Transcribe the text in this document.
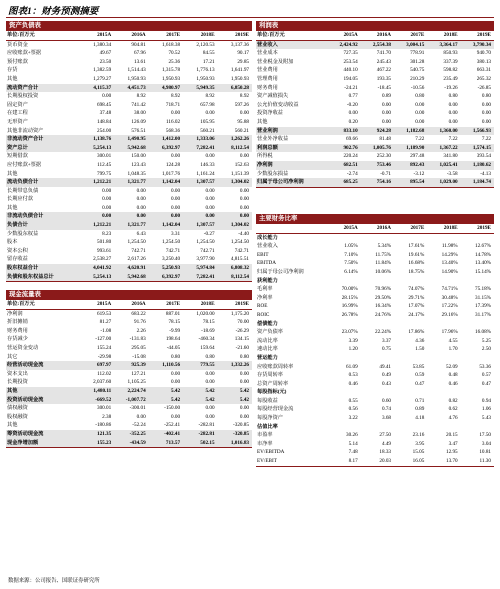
图表1：财务预测摘要
资产负债表
单位:百万元	2015A	2016A	2017E	2018E	2019E
货币资金	1,380.34	904.81	1,618.38	2,120.53	3,137.36
应收账款+票据	49.67	67.96	70.52	84.55	90.17
预付账款	23.50	13.61	25.36	17.21	29.85
存货	1,382.59	1,514.43	1,315.78	1,776.13	1,641.97
其他	1,279.27	1,950.93	1,950.93	1,950.93	1,950.93
流动资产合计	4,115.37	4,451.73	4,980.97	5,949.35	6,850.28
长期股权投资	0.00	8.92	8.92	8.92	8.92
固定资产	698.45	741.42	718.71	657.98	597.26
在建工程	37.48	38.00	0.00	0.00	0.00
无形资产	148.84	126.09	116.02	105.95	95.88
其他非流动资产	254.00	576.51	568.36	560.21	560.21
非流动资产合计	1,138.76	1,490.95	1,412.00	1,333.06	1,262.26
资产总计	5,254.13	5,942.68	6,392.97	7,282.41	8,112.54
短期借款	300.01	150.00	0.00	0.00	0.00
应付账款+票据	112.45	123.43	124.28	146.33	152.63
其他	799.75	1,048.35	1,017.76	1,161.24	1,151.39
流动负债合计	1,212.21	1,321.77	1,142.04	1,307.57	1,304.02
长期带息负债	0.00	0.00	0.00	0.00	0.00
长期应付款	0.00	0.00	0.00	0.00	0.00
其他	0.00	0.00	0.00	0.00	0.00
非流动负债合计	0.00	0.00	0.00	0.00	0.00
负债合计	1,212.21	1,321.77	1,142.04	1,307.57	1,304.02
少数股东权益	8.23	6.43	3.31	-0.27	-4.40
股本	501.80	1,254.50	1,254.50	1,254.50	1,254.50
资本公积	993.61	742.71	742.71	742.71	742.71
留存收益	2,538.27	2,617.26	3,250.40	3,977.90	4,815.51
股东权益合计	4,041.92	4,620.91	5,250.93	5,974.84	6,808.32
负债和股东权益总计	5,254.13	5,942.68	6,392.97	7,282.41	8,112.54
现金流量表
单位:百万元	2015A	2016A	2017E	2018E	2019E
净利润	619.53	683.22	887.01	1,020.00	1,175.20
折旧摊销	81.27	91.76	78.15	78.15	70.00
财务费用	-1.08	2.26	-9.99	-18.69	-26.29
存货减少	-127.00	-131.83	198.64	-460.34	134.15
营运资金变动	155.24	295.05	-44.05	159.64	-21.60
其它	-29.98	-15.08	0.80	0.80	0.80
经营活动现金流	697.97	925.39	1,110.56	779.55	1,332.26
资本支出	112.02	127.21	0.00	0.00	0.00
长期投资	2,037.60	1,105.25	0.00	0.00	0.00
其他	1,480.11	2,224.74	5.42	5.42	5.42
投资活动现金流	-669.52	-1,007.72	5.42	5.42	5.42
债权融资	300.01	-300.01	-150.00	0.00	0.00
股权融资	2.38	0.00	0.00	0.00	0.00
其他	-180.86	-52.24	-252.41	-282.81	-320.85
筹资活动现金流	121.35	-352.25	-402.41	-282.81	-320.85
现金净增加额	155.23	-434.59	713.57	502.15	1,016.83
利润表
单位:百万元	2015A	2016A	2017E	2018E	2019E
营业收入	2,424.92	2,554.38	3,004.15	3,364.17	3,790.34
营业成本	727.35	741.70	778.91	850.93	940.70
营业税金及附加	253.54	245.43	301.28	337.39	380.13
营业费用	440.10	467.22	540.75	598.82	663.31
管理费用	194.05	193.35	210.29	235.49	265.32
财务费用	-24.21	-18.45	-10.56	-19.26	-26.85
资产减值损失	0.77	0.89	0.80	0.80	0.80
公允价值变动收益	-0.20	0.00	0.00	0.00	0.00
投资净收益	0.00	0.00	0.00	0.00	0.00
其他	0.20	0.00	0.00	0.00	0.00
营业利润	833.10	924.28	1,182.68	1,360.00	1,566.93
营业外净收益	69.66	81.48	7.22	7.22	7.22
利润总额	902.76	1,005.76	1,189.90	1,367.22	1,574.15
所得税	220.24	252.30	297.48	341.80	393.54
净利润	682.51	753.46	892.43	1,025.41	1,180.62
少数股东损益	-2.74	-0.71	-3.12	-3.58	-4.13
归属于母公司净利润	685.25	754.16	895.54	1,029.00	1,184.74
主要财务比率
	2015A	2016A	2017E	2018E	2019E
成长能力					
营业收入	1.05%	5.34%	17.61%	11.98%	12.67%
EBIT	7.10%	11.75%	19.61%	14.29%	14.78%
EBITDA	7.50%	11.84%	16.68%	13.40%	13.40%
归属于母公司净利润	6.14%	10.06%	18.75%	14.90%	15.14%
获利能力					
毛利率	70.00%	70.96%	74.07%	74.71%	75.18%
净利率	28.15%	29.50%	29.71%	30.48%	31.15%
ROE	16.99%	16.34%	17.07%	17.22%	17.39%
ROIC	26.78%	24.76%	24.17%	29.16%	31.17%
偿债能力					
资产负债率	23.07%	22.24%	17.86%	17.96%	16.08%
流动比率	3.39	3.37	4.36	4.55	5.25
速动比率	1.20	0.75	1.50	1.70	2.50
营运能力					
应收账款周转率	61.09	49.41	53.85	52.09	53.36
存货周转率	0.53	0.49	0.59	0.48	0.57
总资产周转率	0.46	0.43	0.47	0.46	0.47
每股指标(元)					
每股收益	0.55	0.60	0.71	0.82	0.94
每股经营现金流	0.56	0.74	0.89	0.62	1.06
每股净资产	3.22	3.68	4.18	4.76	5.43
估值比率					
市盈率	30.26	27.50	23.16	20.15	17.50
市净率	5.14	4.49	3.95	3.47	3.04
EV/EBITDA	7.48	18.33	15.05	12.95	10.81
EV/EBIT	8.17	20.03	16.05	13.70	11.30
数据来源：公司报告、国联证券研究所
